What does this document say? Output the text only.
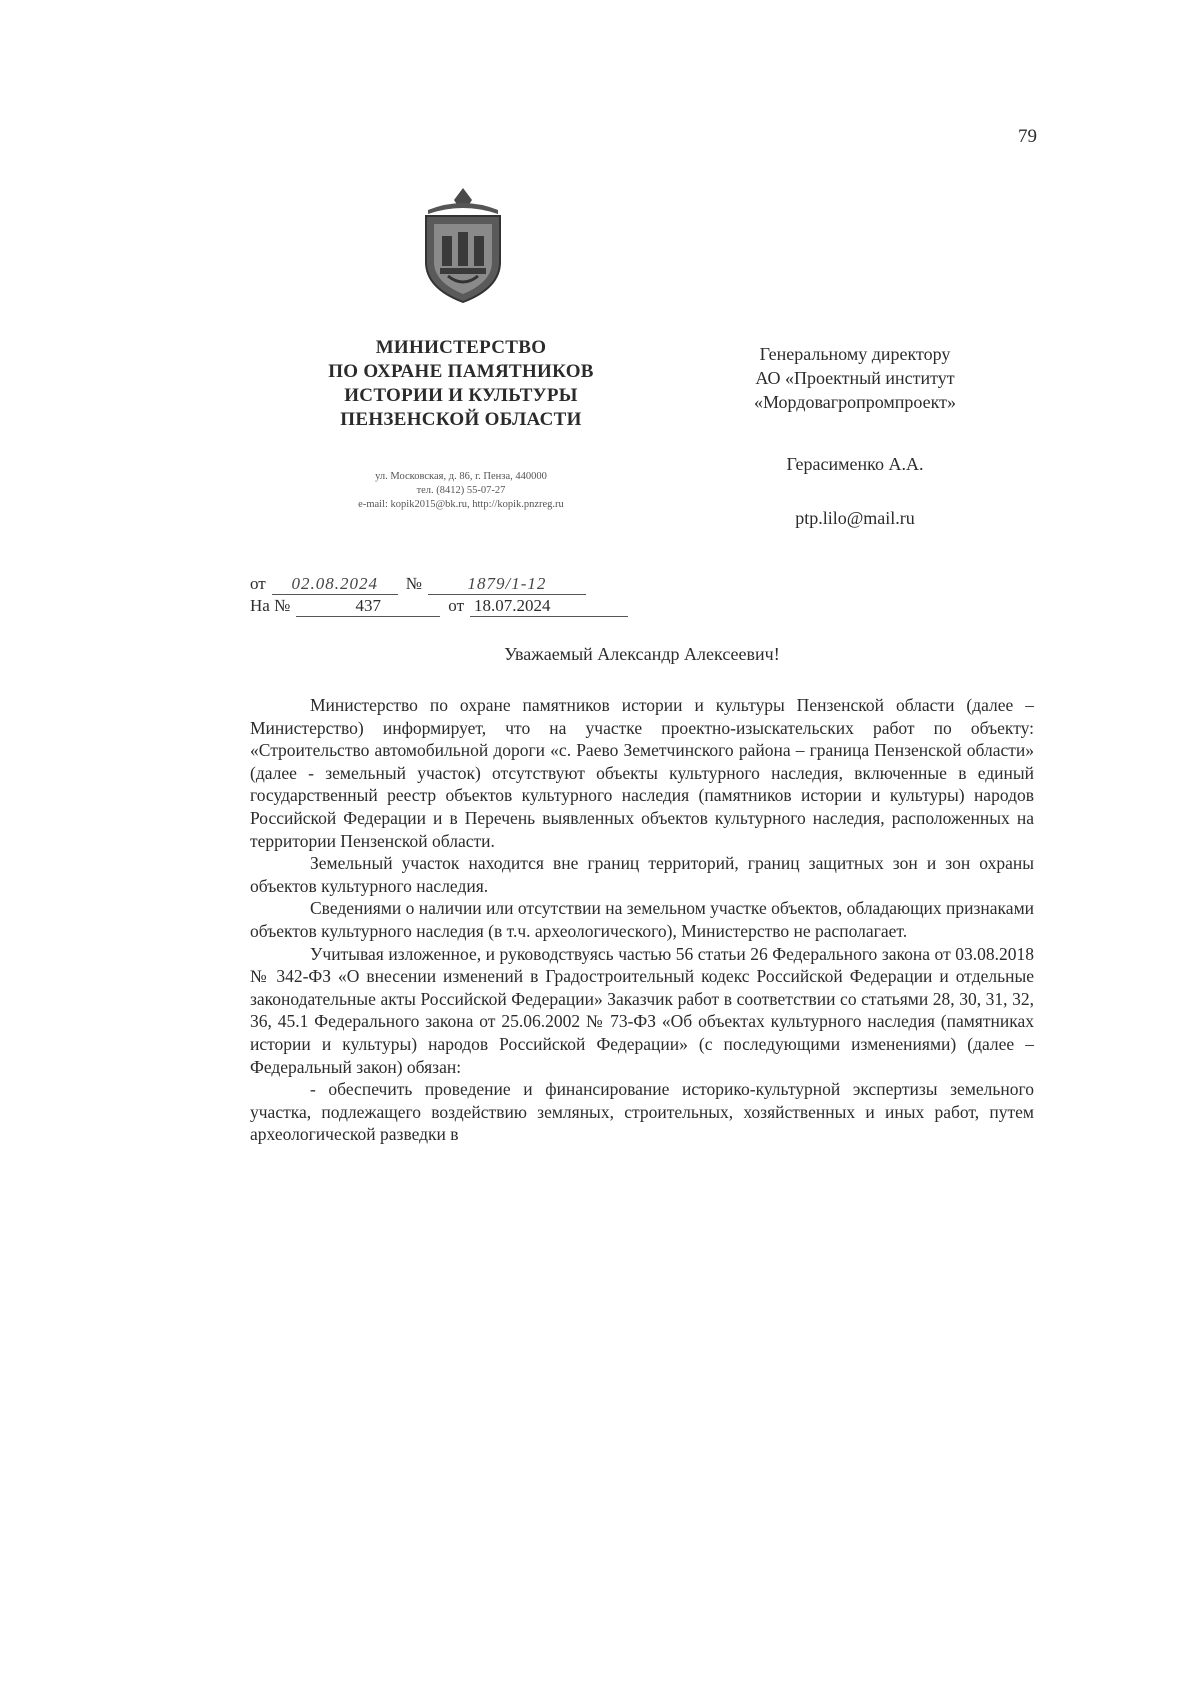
79
МИНИСТЕРСТВО
ПО ОХРАНЕ ПАМЯТНИКОВ
ИСТОРИИ И КУЛЬТУРЫ
ПЕНЗЕНСКОЙ ОБЛАСТИ
ул. Московская, д. 86, г. Пенза, 440000
тел. (8412) 55-07-27
e-mail: kopik2015@bk.ru, http://kopik.pnzreg.ru
Генеральному директору
АО «Проектный институт
«Мордовагропромпроект»
Герасименко А.А.
ptp.lilo@mail.ru
от	02.08.2024	№	1879/1-12
На №	437	от 18.07.2024
Уважаемый Александр Алексеевич!

Министерство по охране памятников истории и культуры Пензенской области (далее – Министерство) информирует, что на участке проектно-изыскательских работ по объекту: «Строительство автомобильной дороги «с. Раево Земетчинского района – граница Пензенской области» (далее - земельный участок) отсутствуют объекты культурного наследия, включенные в единый государственный реестр объектов культурного наследия (памятников истории и культуры) народов Российской Федерации и в Перечень выявленных объектов культурного наследия, расположенных на территории Пензенской области.

Земельный участок находится вне границ территорий, границ защитных зон и зон охраны объектов культурного наследия.

Сведениями о наличии или отсутствии на земельном участке объектов, обладающих признаками объектов культурного наследия (в т.ч. археологического), Министерство не располагает.

Учитывая изложенное, и руководствуясь частью 56 статьи 26 Федерального закона от 03.08.2018 № 342-ФЗ «О внесении изменений в Градостроительный кодекс Российской Федерации и отдельные законодательные акты Российской Федерации» Заказчик работ в соответствии со статьями 28, 30, 31, 32, 36, 45.1 Федерального закона от 25.06.2002 № 73-ФЗ «Об объектах культурного наследия (памятниках истории и культуры) народов Российской Федерации» (с последующими изменениями) (далее – Федеральный закон) обязан:

- обеспечить проведение и финансирование историко-культурной экспертизы земельного участка, подлежащего воздействию земляных, строительных, хозяйственных и иных работ, путем археологической разведки в
